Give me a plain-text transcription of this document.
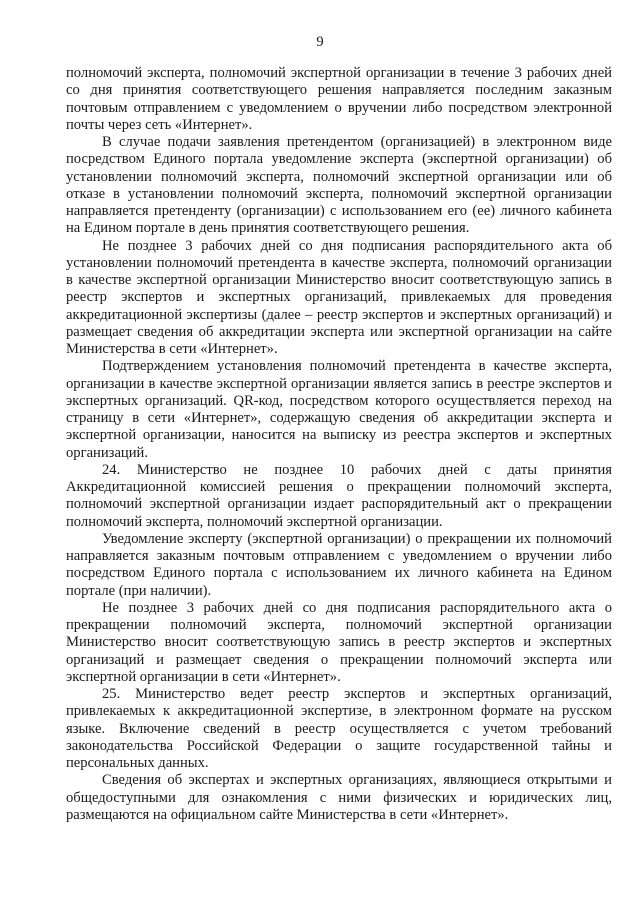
9

полномочий эксперта, полномочий экспертной организации в течение 3 рабочих дней со дня принятия соответствующего решения направляется последним заказным почтовым отправлением с уведомлением о вручении либо посредством электронной почты через сеть «Интернет».

В случае подачи заявления претендентом (организацией) в электронном виде посредством Единого портала уведомление эксперта (экспертной организации) об установлении полномочий эксперта, полномочий экспертной организации или об отказе в установлении полномочий эксперта, полномочий экспертной организации направляется претенденту (организации) с использованием его (ее) личного кабинета на Едином портале в день принятия соответствующего решения.

Не позднее 3 рабочих дней со дня подписания распорядительного акта об установлении полномочий претендента в качестве эксперта, полномочий организации в качестве экспертной организации Министерство вносит соответствующую запись в реестр экспертов и экспертных организаций, привлекаемых для проведения аккредитационной экспертизы (далее – реестр экспертов и экспертных организаций) и размещает сведения об аккредитации эксперта или экспертной организации на сайте Министерства в сети «Интернет».

Подтверждением установления полномочий претендента в качестве эксперта, организации в качестве экспертной организации является запись в реестре экспертов и экспертных организаций. QR-код, посредством которого осуществляется переход на страницу в сети «Интернет», содержащую сведения об аккредитации эксперта и экспертной организации, наносится на выписку из реестра экспертов и экспертных организаций.

24. Министерство не позднее 10 рабочих дней с даты принятия Аккредитационной комиссией решения о прекращении полномочий эксперта, полномочий экспертной организации издает распорядительный акт о прекращении полномочий эксперта, полномочий экспертной организации.

Уведомление эксперту (экспертной организации) о прекращении их полномочий направляется заказным почтовым отправлением с уведомлением о вручении либо посредством Единого портала с использованием их личного кабинета на Едином портале (при наличии).

Не позднее 3 рабочих дней со дня подписания распорядительного акта о прекращении полномочий эксперта, полномочий экспертной организации Министерство вносит соответствующую запись в реестр экспертов и экспертных организаций и размещает сведения о прекращении полномочий эксперта или экспертной организации в сети «Интернет».

25. Министерство ведет реестр экспертов и экспертных организаций, привлекаемых к аккредитационной экспертизе, в электронном формате на русском языке. Включение сведений в реестр осуществляется с учетом требований законодательства Российской Федерации о защите государственной тайны и персональных данных.

Сведения об экспертах и экспертных организациях, являющиеся открытыми и общедоступными для ознакомления с ними физических и юридических лиц, размещаются на официальном сайте Министерства в сети «Интернет».
